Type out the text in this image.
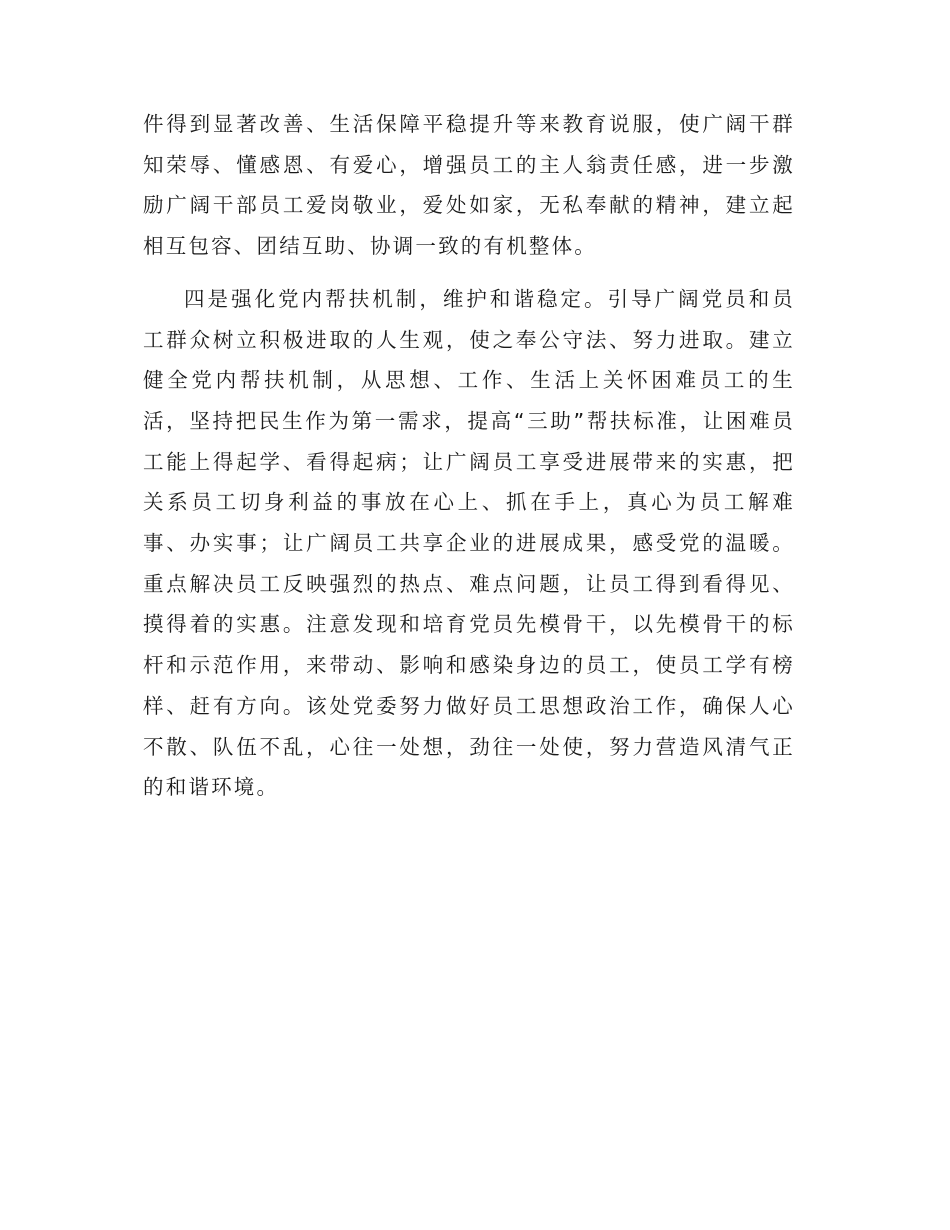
件得到显著改善、生活保障平稳提升等来教育说服，使广阔干群知荣辱、懂感恩、有爱心，增强员工的主人翁责任感，进一步激励广阔干部员工爱岗敬业，爱处如家，无私奉献的精神，建立起相互包容、团结互助、协调一致的有机整体。

四是强化党内帮扶机制，维护和谐稳定。引导广阔党员和员工群众树立积极进取的人生观，使之奉公守法、努力进取。建立健全党内帮扶机制，从思想、工作、生活上关怀困难员工的生活，坚持把民生作为第一需求，提高“三助”帮扶标准，让困难员工能上得起学、看得起病；让广阔员工享受进展带来的实惠，把关系员工切身利益的事放在心上、抓在手上，真心为员工解难事、办实事；让广阔员工共享企业的进展成果，感受党的温暖。重点解决员工反映强烈的热点、难点问题，让员工得到看得见、摸得着的实惠。注意发现和培育党员先模骨干，以先模骨干的标杆和示范作用，来带动、影响和感染身边的员工，使员工学有榜样、赶有方向。该处党委努力做好员工思想政治工作，确保人心不散、队伍不乱，心往一处想，劲往一处使，努力营造风清气正的和谐环境。
